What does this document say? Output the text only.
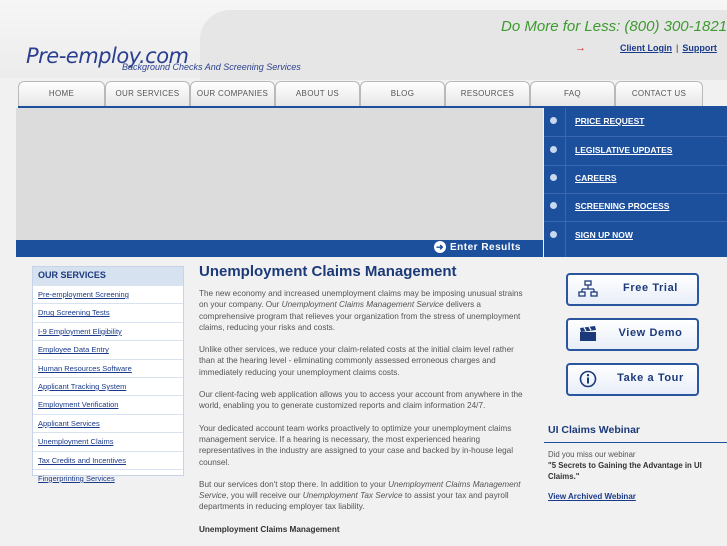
Do More for Less: (800) 300-1821
Pre-employ.com
Background Checks And Screening Services
→	Client Login | Support
HOME	OUR SERVICES	OUR COMPANIES	ABOUT US	BLOG	RESOURCES	FAQ	CONTACT US
➜ Enter Results
PRICE REQUEST
LEGISLATIVE UPDATES
CAREERS
SCREENING PROCESS
SIGN UP NOW
OUR SERVICES
Pre-employment Screening
Drug Screening Tests
I-9 Employment Eligibility
Employee Data Entry
Human Resources Software
Applicant Tracking System
Employment Verification
Applicant Services
Unemployment Claims
Tax Credits and Incentives
Fingerprinting Services
Unemployment Claims Management

The new economy and increased unemployment claims may be imposing unusual strains on your company. Our Unemployment Claims Management Service delivers a comprehensive program that relieves your organization from the stress of unemployment claims, reducing your risks and costs.

Unlike other services, we reduce your claim-related costs at the initial claim level rather than at the hearing level - eliminating commonly assessed erroneous charges and immediately reducing your unemployment claims costs.

Our client-facing web application allows you to access your account from anywhere in the world, enabling you to generate customized reports and claim information 24/7.

Your dedicated account team works proactively to optimize your unemployment claims management service. If a hearing is necessary, the most experienced hearing representatives in the industry are assigned to your case and backed by in-house legal counsel.

But our services don't stop there. In addition to your Unemployment Claims Management Service, you will receive our Unemployment Tax Service to assist your tax and payroll departments in reducing employer tax liability.

Unemployment Claims Management

Free Trial
View Demo
Take a Tour
UI Claims Webinar
Did you miss our webinar
"5 Secrets to Gaining the Advantage in UI Claims."
View Archived Webinar
